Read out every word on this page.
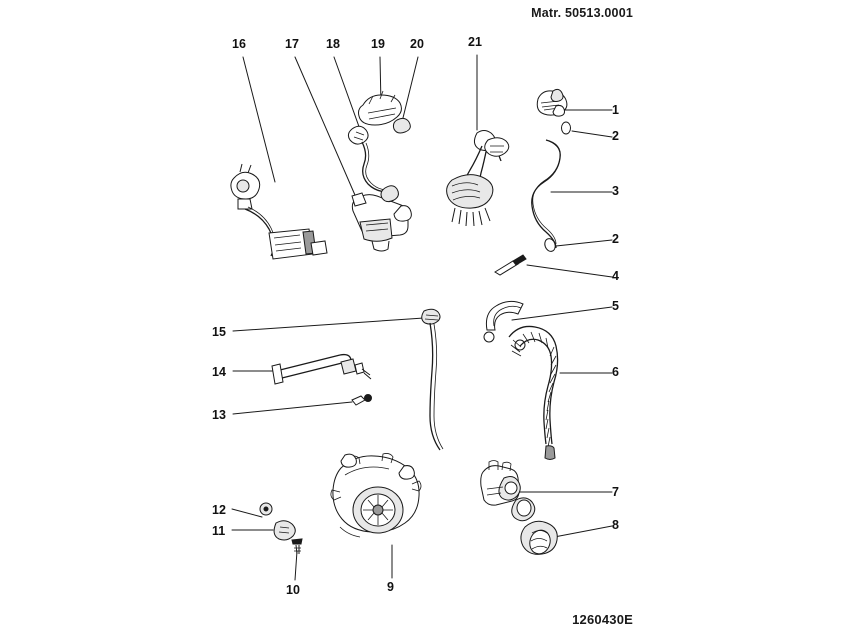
Matr. 50513.0001
1260430E
1
2
3
2
4
5
6
7
8
9
10
11
12
13
14
15
16	17 18 19 20	21
